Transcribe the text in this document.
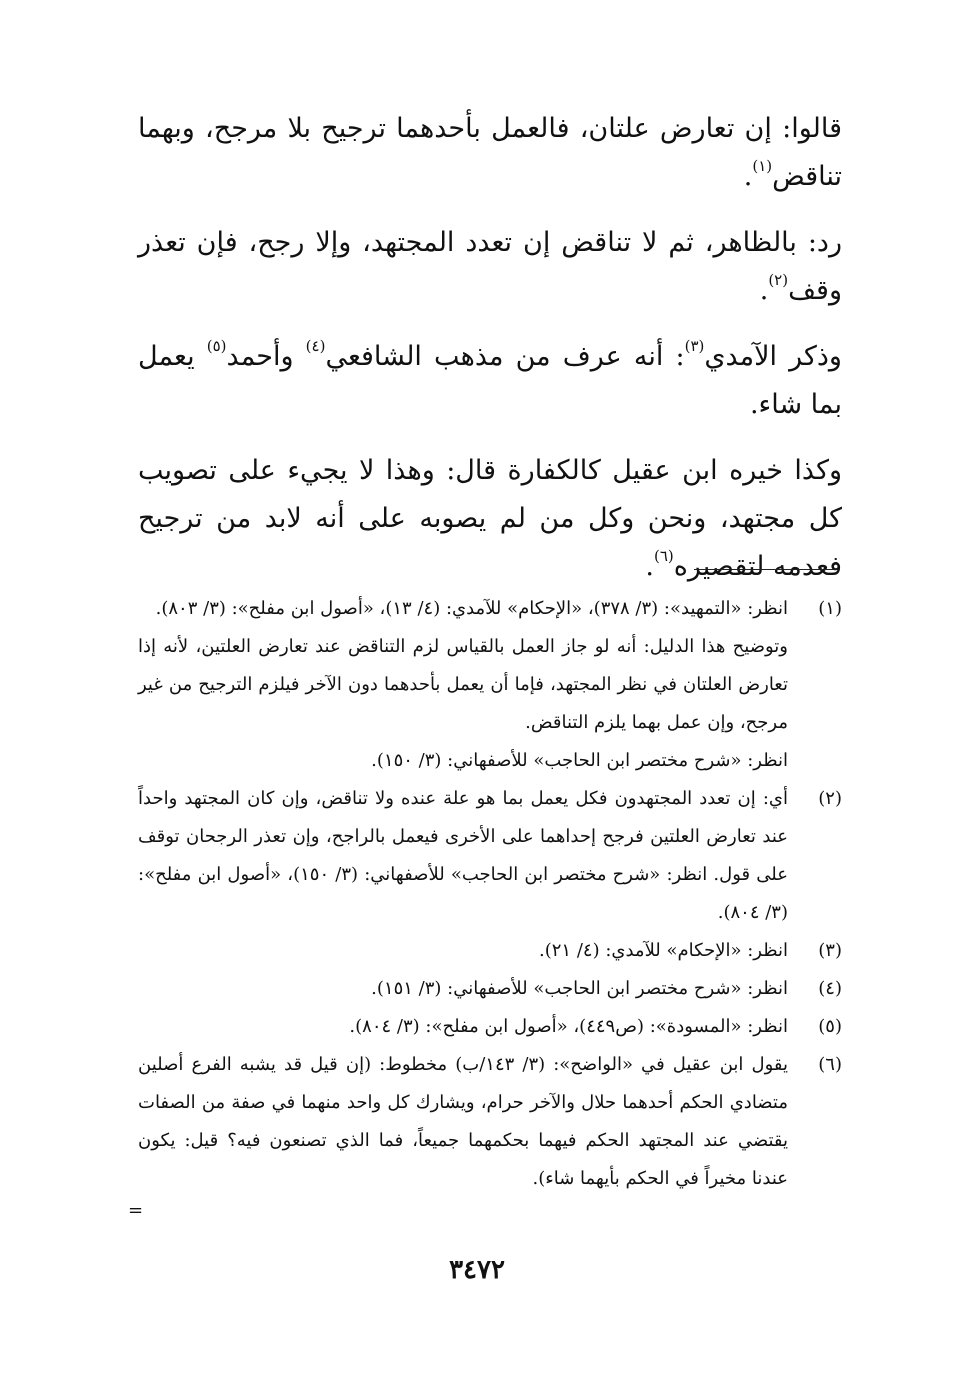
قالوا: إن تعارض علتان، فالعمل بأحدهما ترجيح بلا مرجح، وبهما تناقض$^{(١)}$.

رد: بالظاهر، ثم لا تناقض إن تعدد المجتهد، وإلا رجح، فإن تعذر وقف$^{(٢)}$.

وذكر الآمدي$^{(٣)}$: أنه عرف من مذهب الشافعي$^{(٤)}$ وأحمد$^{(٥)}$ يعمل بما شاء.

وكذا خيره ابن عقيل كالكفارة قال: وهذا لا يجيء على تصويب كل مجتهد، ونحن وكل من لم يصوبه على أنه لابد من ترجيح فعدمه لتقصيره$^{(٦)}$.

(١)
انظر: «التمهيد»: (٣/ ٣٧٨)، «الإحكام» للآمدي: (٤/ ١٣)، «أصول ابن مفلح»: (٣/ ٨٠٣).
وتوضيح هذا الدليل: أنه لو جاز العمل بالقياس لزم التناقض عند تعارض العلتين، لأنه إذا تعارض العلتان في نظر المجتهد، فإما أن يعمل بأحدهما دون الآخر فيلزم الترجيح من غير مرجح، وإن عمل بهما يلزم التناقض.
انظر: «شرح مختصر ابن الحاجب» للأصفهاني: (٣/ ١٥٠).
(٢)
أي: إن تعدد المجتهدون فكل يعمل بما هو علة عنده ولا تناقض، وإن كان المجتهد واحداً عند تعارض العلتين فرجح إحداهما على الأخرى فيعمل بالراجح، وإن تعذر الرجحان توقف على قول. انظر: «شرح مختصر ابن الحاجب» للأصفهاني: (٣/ ١٥٠)، «أصول ابن مفلح»: (٣/ ٨٠٤).
(٣)
انظر: «الإحكام» للآمدي: (٤/ ٢١).
(٤)
انظر: «شرح مختصر ابن الحاجب» للأصفهاني: (٣/ ١٥١).
(٥)
انظر: «المسودة»: (ص٤٤٩)، «أصول ابن مفلح»: (٣/ ٨٠٤).
(٦)
يقول ابن عقيل في «الواضح»: (٣/ ١٤٣/ب) مخطوط: (إن قيل قد يشبه الفرع أصلين متضادي الحكم أحدهما حلال والآخر حرام، ويشارك كل واحد منهما في صفة من الصفات يقتضي عند المجتهد الحكم فيهما بحكمهما جميعاً، فما الذي تصنعون فيه؟ قيل: يكون عندنا مخيراً في الحكم بأيهما شاء).
=
٣٤٧٢
